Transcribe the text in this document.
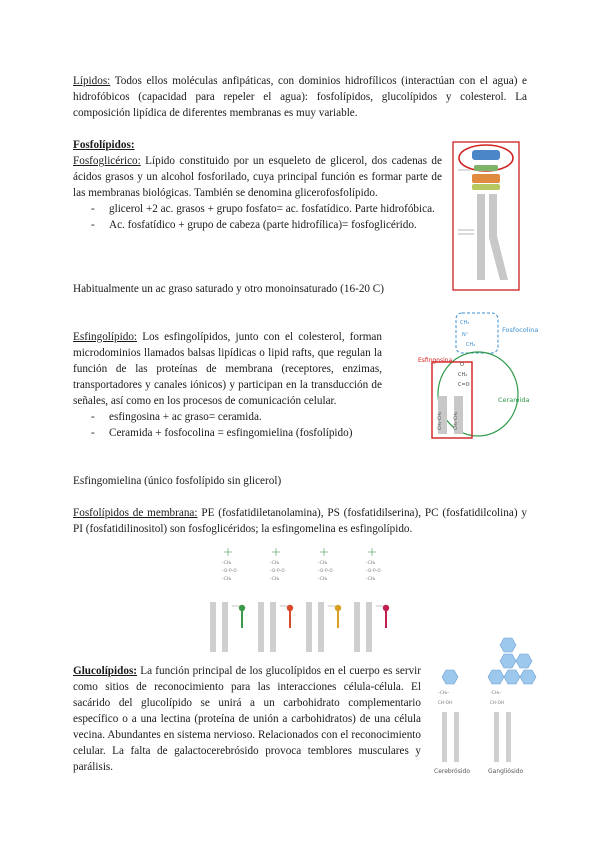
Lípidos: Todos ellos moléculas anfipáticas, con dominios hidrofílicos (interactúan con el agua) e hidrofóbicos (capacidad para repeler el agua): fosfolípidos, glucolípidos y colesterol. La composición lipídica de diferentes membranas es muy variable.
Fosfolípidos:
Fosfoglicérico: Lípido constituido por un esqueleto de glicerol, dos cadenas de ácidos grasos y un alcohol fosforilado, cuya principal función es formar parte de las membranas biológicas. También se denomina glicerofosfolípido.
- glicerol +2 ac. grasos + grupo fosfato= ac. fosfatídico. Parte hidrofóbica.
- Ac. fosfatídico + grupo de cabeza (parte hidrofílica)= fosfoglicérido.
Habitualmente un ac graso saturado y otro monoinsaturado (16-20 C)
Esfingolípido: Los esfingolípidos, junto con el colesterol, forman microdominios llamados balsas lipídicas o lipid rafts, que regulan la función de las proteínas de membrana (receptores, enzimas, transportadores y canales iónicos) y participan en la transducción de señales, así como en los procesos de comunicación celular.
- esfingosina + ac graso= ceramida.
- Ceramida + fosfocolina = esfingomielina (fosfolípido)
Esfingomielina (único fosfolípido sin glicerol)
CH₃
N⁺
CH₂
Fosfocolina
Esfingosina
Ceramida
O
CH₂
C=O
CH₂-CH₂ CH₂-CH₂
Fosfolípidos de membrana: PE (fosfatidiletanolamina), PS (fosfatidilserina), PC (fosfatidilcolina) y PI (fosfatidilinositol) son fosfoglicéridos; la esfingomelina es esfingolípido.
–CH₂
–O–P–O
–CH₂
–CH₂
–O–P–O
–CH₂
–CH₂
–O–P–O
–CH₂
–CH₂
–O–P–O
–CH₂
Glucolípidos: La función principal de los glucolípidos en el cuerpo es servir como sitios de reconocimiento para las interacciones célula-célula. El sacárido del glucolípido se unirá a un carbohidrato complementario específico o a una lectina (proteína de unión a carbohidratos) de una célula vecina. Abundantes en sistema nervioso. Relacionados con el reconocimiento celular. La falta de galactocerebrósido provoca temblores musculares y parálisis.
–CH₂–
CH–OH
–CH₂–
CH–OH
Cerebrósido	Gangliósido
